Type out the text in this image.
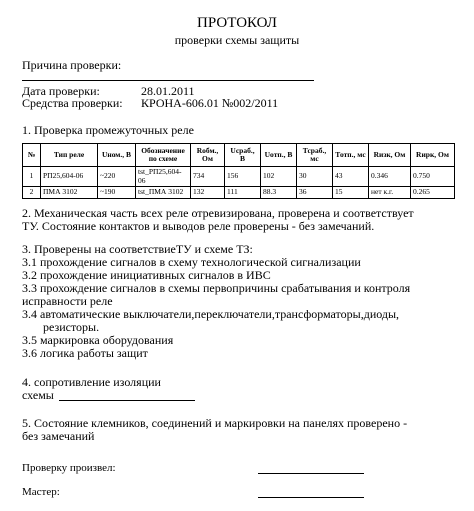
ПРОТОКОЛ
проверки схемы защиты
Причина проверки:
Дата проверки:	28.01.2011
Средства проверки: КРОНА-606.01 №002/2011
1. Проверка промежуточных реле
№	Тип реле	Uном., В	Обозначение по схеме	Rобм., Ом	Uсраб., В	Uотп., В	Тсраб., мс	Тотп., мс	Rизк, Ом	Rирк, Ом
1	РП25,604-06	~220	tst_РП25,604-06	734	156	102	30	43	0.346	0.750
2	ПМА 3102	~190	tst_ПМА 3102	132	111	88.3	36	15	нет к.г.	0.265
2. Механическая часть всех реле отревизирована, проверена и соответствует
ТУ. Состояние контактов и выводов реле проверены - без замечаний.
3. Проверены на соответствиеТУ и схеме ТЗ:
3.1 прохождение сигналов в схему технологической сигнализации
3.2 прохождение инициативных сигналов в ИВС
3.3 прохождение сигналов в схемы первопричины срабатывания и контроля
исправности реле
3.4 автоматические выключатели,переключатели,трансформаторы,диоды,
резисторы.
3.5 маркировка оборудования
3.6 логика работы защит
4. сопротивление изоляции
схемы
5. Состояние клемников, соединений и маркировки на панелях проверено -
без замечаний
Проверку произвел:
Мастер:
